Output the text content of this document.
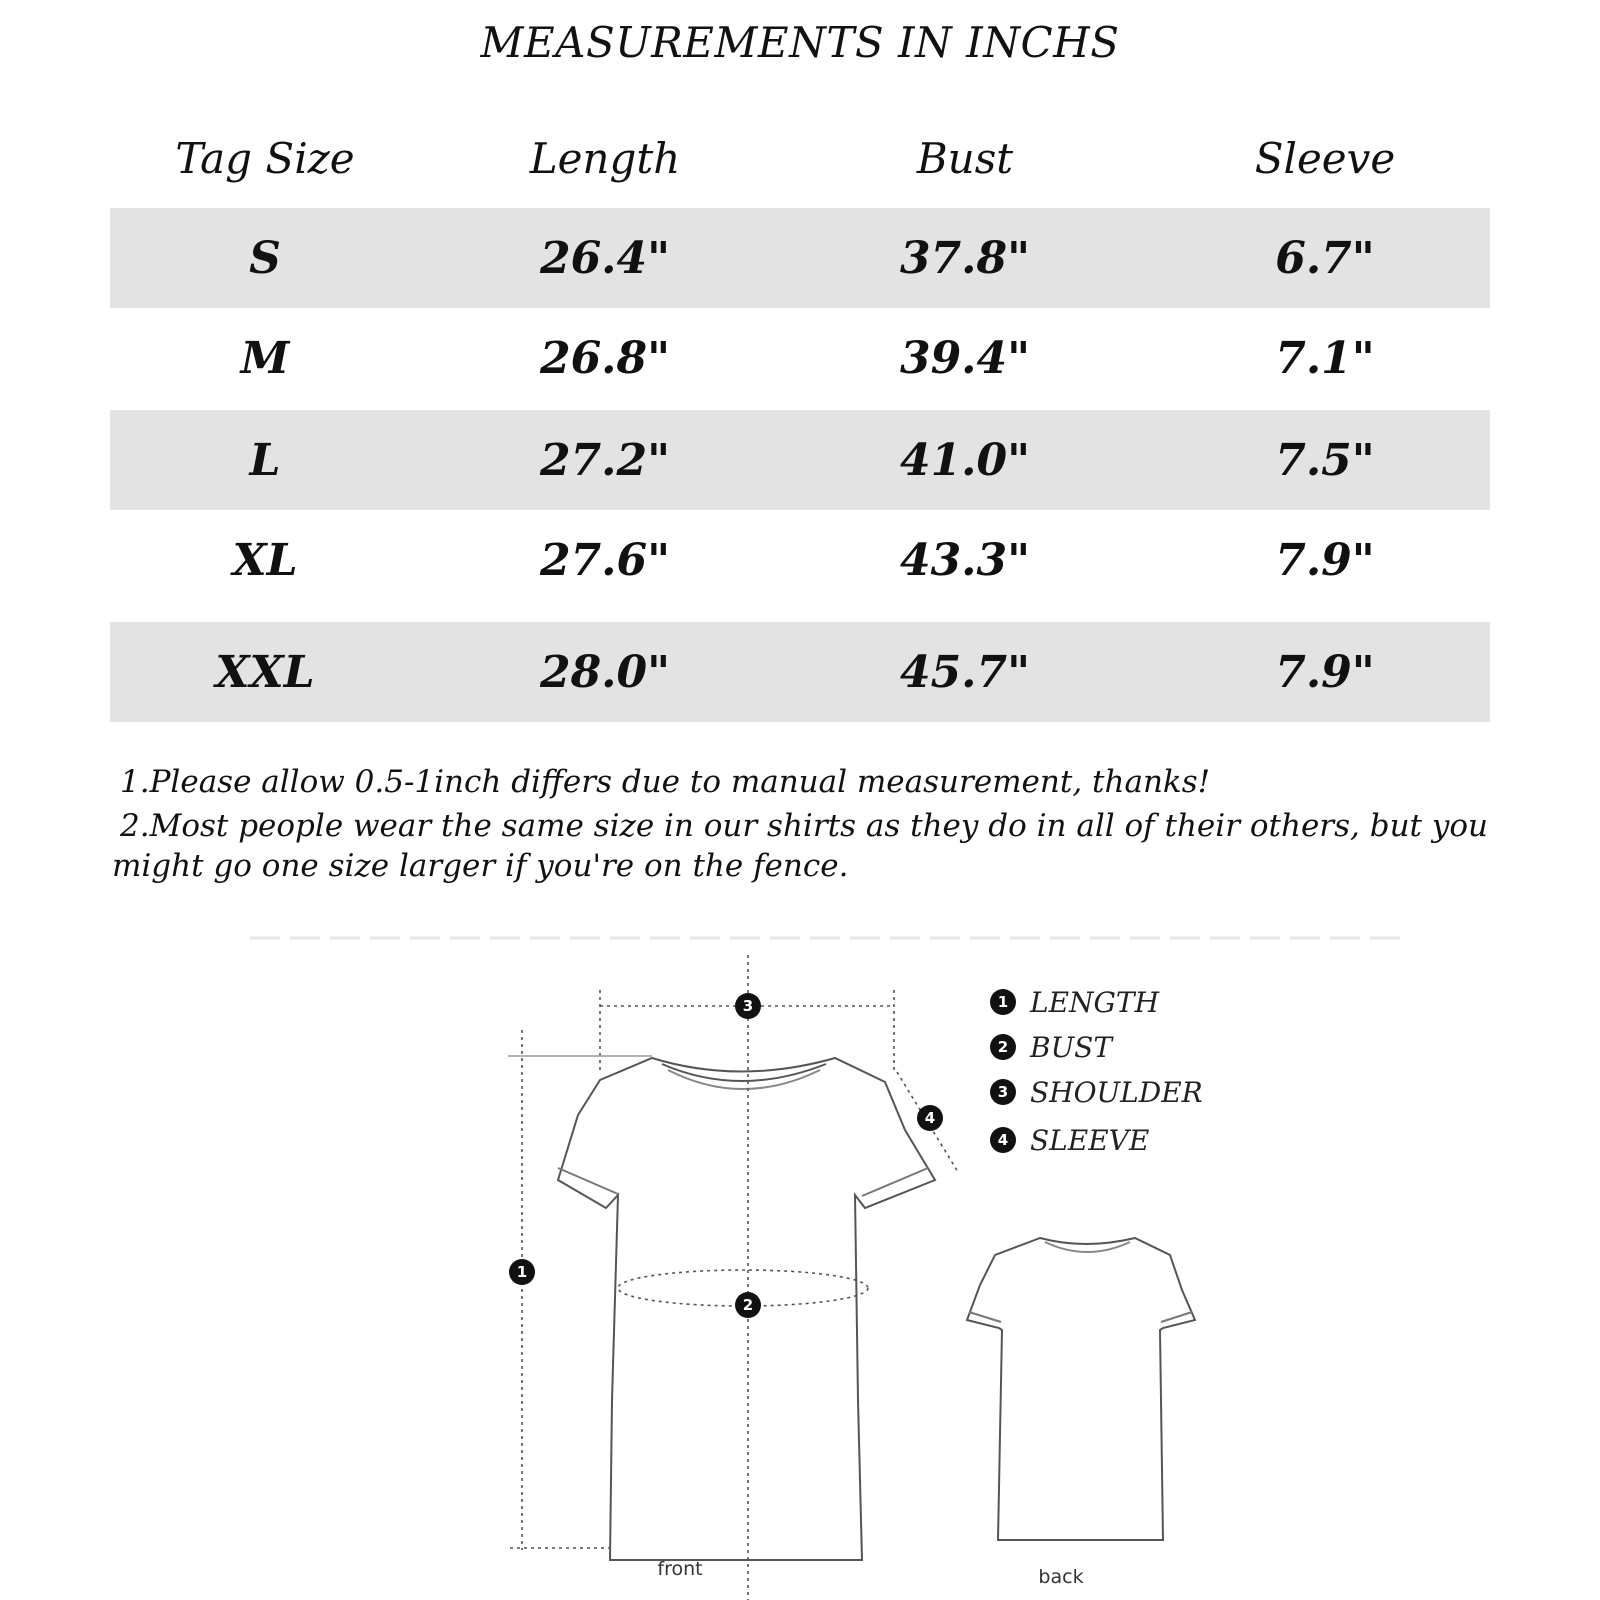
MEASUREMENTS IN INCHS
Tag Size	Length	Bust	Sleeve
S	26.4"	37.8"	6.7"
M	26.8"	39.4"	7.1"
L	27.2"	41.0"	7.5"
XL	27.6"	43.3"	7.9"
XXL	28.0"	45.7"	7.9"
1.Please allow 0.5-1inch differs due to manual measurement, thanks!
2.Most people wear the same size in our shirts as they do in all of their others, but you might go one size larger if you're on the fence.
1
2
3
4
1 LENGTH
2 BUST
3 SHOULDER
4 SLEEVE
front	back
